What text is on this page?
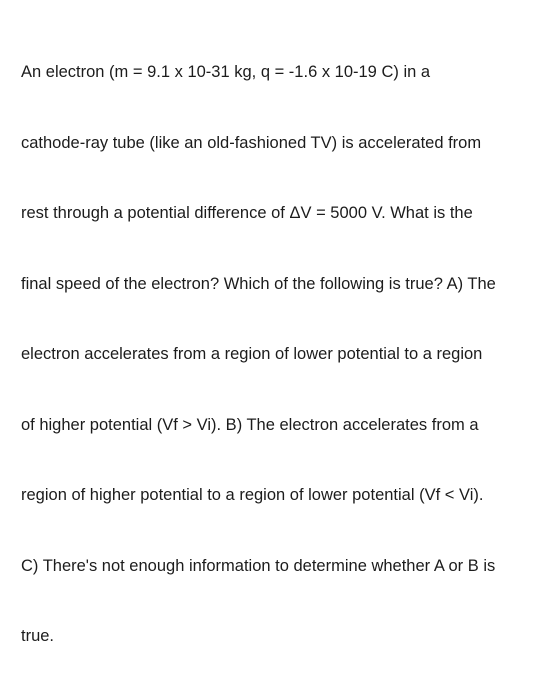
An electron (m = 9.1 x 10-31 kg, q = -1.6 x 10-19 C) in a

cathode-ray tube (like an old-fashioned TV) is accelerated from

rest through a potential difference of ΔV = 5000 V. What is the

final speed of the electron? Which of the following is true? A) The

electron accelerates from a region of lower potential to a region

of higher potential (Vf > Vi). B) The electron accelerates from a

region of higher potential to a region of lower potential (Vf < Vi).

C) There's not enough information to determine whether A or B is

true.
